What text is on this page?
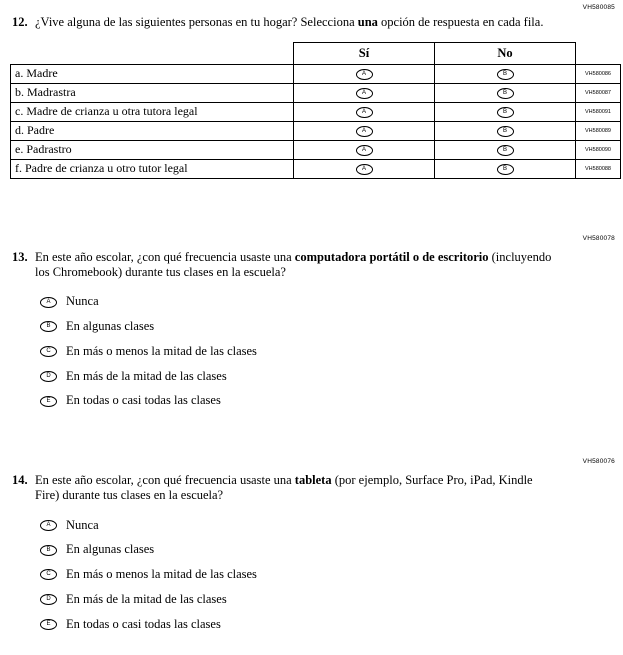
VH580085
12. ¿Vive alguna de las siguientes personas en tu hogar? Selecciona una opción de respuesta en cada fila.
	Sí	No	
a. Madre	A	B	VH580086
b. Madrastra	A	B	VH580087
c. Madre de crianza u otra tutora legal	A	B	VH580091
d. Padre	A	B	VH580089
e. Padrastro	A	B	VH580090
f. Padre de crianza u otro tutor legal	A	B	VH580088
VH580078
13. En este año escolar, ¿con qué frecuencia usaste una computadora portátil o de escritorio (incluyendo los Chromebook) durante tus clases en la escuela?
A	Nunca
B	En algunas clases
C	En más o menos la mitad de las clases
D	En más de la mitad de las clases
E	En todas o casi todas las clases
VH580076
14. En este año escolar, ¿con qué frecuencia usaste una tableta (por ejemplo, Surface Pro, iPad, Kindle Fire) durante tus clases en la escuela?
A	Nunca
B	En algunas clases
C	En más o menos la mitad de las clases
D	En más de la mitad de las clases
E	En todas o casi todas las clases
